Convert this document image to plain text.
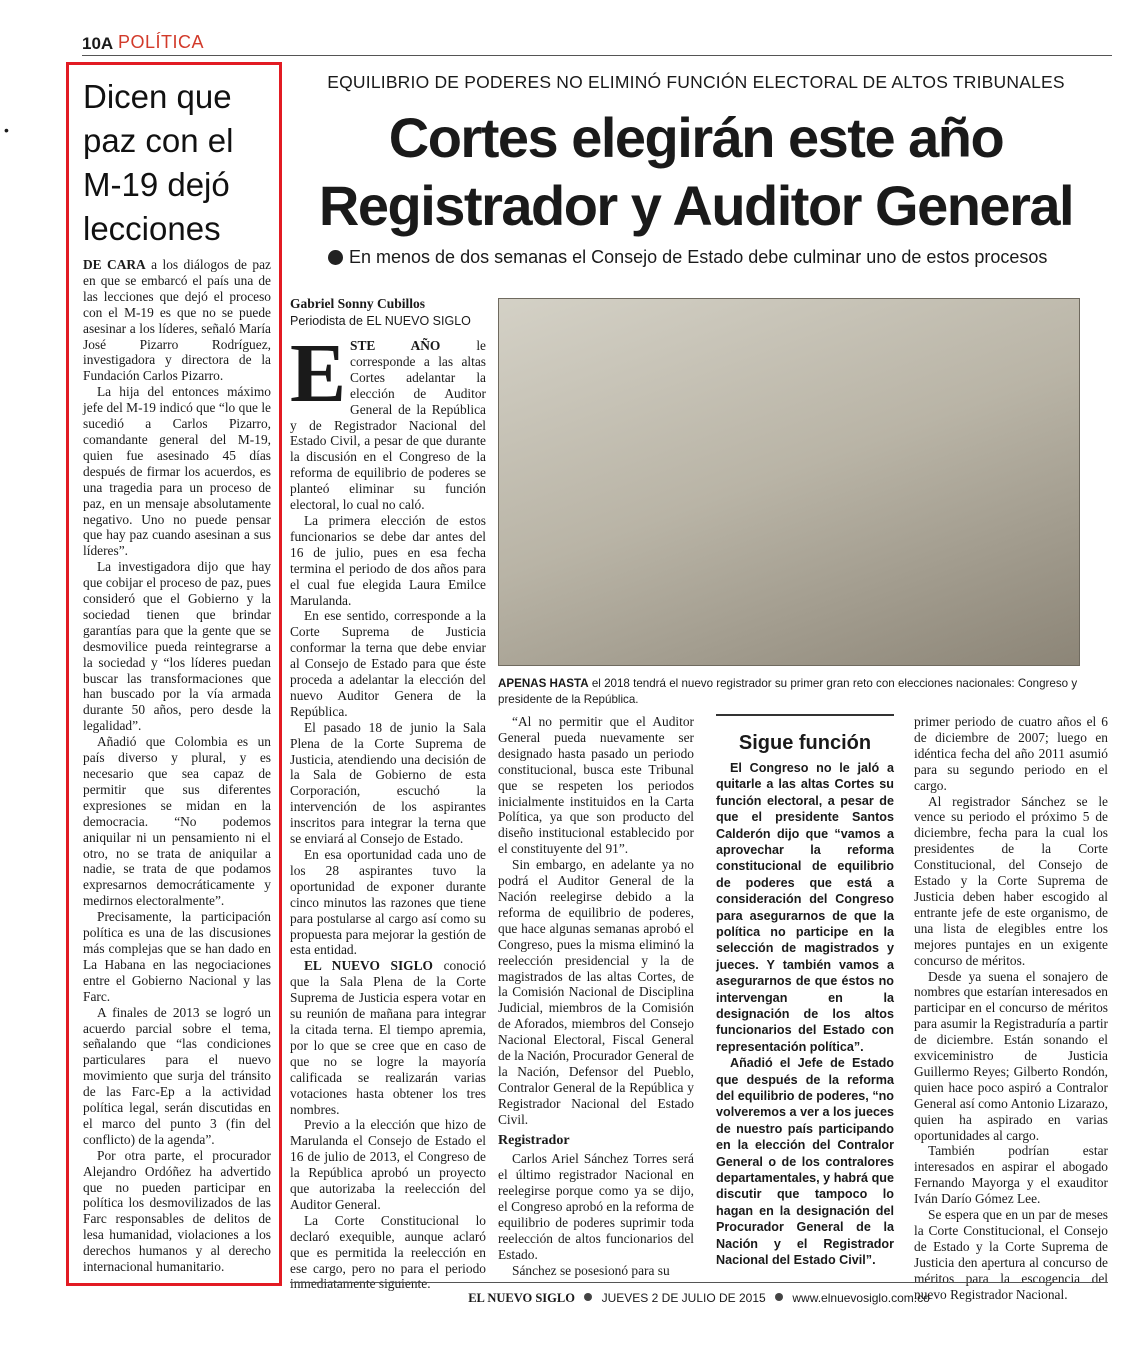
10A POLÍTICA
•
Dicen que paz con el M-19 dejó lecciones

DE CARA a los diálogos de paz en que se embarcó el país una de las lecciones que dejó el proceso con el M-19 es que no se puede asesinar a los líderes, señaló María José Pizarro Rodríguez, investigadora y directora de la Fundación Carlos Pizarro.

La hija del entonces máximo jefe del M-19 indicó que “lo que le sucedió a Carlos Pizarro, comandante general del M-19, quien fue asesinado 45 días después de firmar los acuerdos, es una tragedia para un proceso de paz, en un mensaje absolutamente negativo. Uno no puede pensar que hay paz cuando asesinan a sus líderes”.

La investigadora dijo que hay que cobijar el proceso de paz, pues consideró que el Gobierno y la sociedad tienen que brindar garantías para que la gente que se desmovilice pueda reintegrarse a la sociedad y “los líderes puedan buscar las transformaciones que han buscado por la vía armada durante 50 años, pero desde la legalidad”.

Añadió que Colombia es un país diverso y plural, y es necesario que sea capaz de permitir que sus diferentes expresiones se midan en la democracia. “No podemos aniquilar ni un pensamiento ni el otro, no se trata de aniquilar a nadie, se trata de que podamos expresarnos democráticamente y medirnos electoralmente”.

Precisamente, la participación política es una de las discusiones más complejas que se han dado en La Habana en las negociaciones entre el Gobierno Nacional y las Farc.

A finales de 2013 se logró un acuerdo parcial sobre el tema, señalando que “las condiciones particulares para el nuevo movimiento que surja del tránsito de las Farc-Ep a la actividad política legal, serán discutidas en el marco del punto 3 (fin del conflicto) de la agenda”.

Por otra parte, el procurador Alejandro Ordóñez ha advertido que no pueden participar en política los desmovilizados de las Farc responsables de delitos de lesa humanidad, violaciones a los derechos humanos y al derecho internacional humanitario.

EQUILIBRIO DE PODERES NO ELIMINÓ FUNCIÓN ELECTORAL DE ALTOS TRIBUNALES
Cortes elegirán este año
Registrador y Auditor General
En menos de dos semanas el Consejo de Estado debe culminar uno de estos procesos
Gabriel Sonny Cubillos
Periodista de EL NUEVO SIGLO
APENAS HASTA el 2018 tendrá el nuevo registrador su primer gran reto con elecciones nacionales: Congreso y presidente de la República.

ESTE AÑO le corresponde a las altas Cortes adelantar la elección de Auditor General de la República y de Registrador Nacional del Estado Civil, a pesar de que durante la discusión en el Congreso de la reforma de equilibrio de poderes se planteó eliminar su función electoral, lo cual no caló.

La primera elección de estos funcionarios se debe dar antes del 16 de julio, pues en esa fecha termina el periodo de dos años para el cual fue elegida Laura Emilce Marulanda.

En ese sentido, corresponde a la Corte Suprema de Justicia conformar la terna que debe enviar al Consejo de Estado para que éste proceda a adelantar la elección del nuevo Auditor Genera de la República.

El pasado 18 de junio la Sala Plena de la Corte Suprema de Justicia, atendiendo una decisión de la Sala de Gobierno de esta Corporación, escuchó la intervención de los aspirantes inscritos para integrar la terna que se enviará al Consejo de Estado.

En esa oportunidad cada uno de los 28 aspirantes tuvo la oportunidad de exponer durante cinco minutos las razones que tiene para postularse al cargo así como su propuesta para mejorar la gestión de esta entidad.

EL NUEVO SIGLO conoció que la Sala Plena de la Corte Suprema de Justicia espera votar en su reunión de mañana para integrar la citada terna. El tiempo apremia, por lo que se cree que en caso de que no se logre la mayoría calificada se realizarán varias votaciones hasta obtener los tres nombres.

Previo a la elección que hizo de Marulanda el Consejo de Estado el 16 de julio de 2013, el Congreso de la República aprobó un proyecto que autorizaba la reelección del Auditor General.

La Corte Constitucional lo declaró exequible, aunque aclaró que es permitida la reelección en ese cargo, pero no para el periodo inmediatamente siguiente.

“Al no permitir que el Auditor General pueda nuevamente ser designado hasta pasado un periodo constitucional, busca este Tribunal que se respeten los periodos inicialmente instituidos en la Carta Política, ya que son producto del diseño institucional establecido por el constituyente del 91”.

Sin embargo, en adelante ya no podrá el Auditor General de la Nación reelegirse debido a la reforma de equilibrio de poderes, que hace algunas semanas aprobó el Congreso, pues la misma eliminó la reelección presidencial y la de magistrados de las altas Cortes, de la Comisión Nacional de Disciplina Judicial, miembros de la Comisión de Aforados, miembros del Consejo Nacional Electoral, Fiscal General de la Nación, Procurador General de la Nación, Defensor del Pueblo, Contralor General de la República y Registrador Nacional del Estado Civil.

Registrador

Carlos Ariel Sánchez Torres será el último registrador Nacional en reelegirse porque como ya se dijo, el Congreso aprobó en la reforma de equilibrio de poderes suprimir toda reelección de altos funcionarios del Estado.

Sánchez se posesionó para su

Sigue función

El Congreso no le jaló a quitarle a las altas Cortes su función electoral, a pesar de que el presidente Santos Calderón dijo que “vamos a aprovechar la reforma constitucional de equilibrio de poderes que está a consideración del Congreso para asegurarnos de que la política no participe en la selección de magistrados y jueces. Y también vamos a asegurarnos de que éstos no intervengan en la designación de los altos funcionarios del Estado con representación política”.

Añadió el Jefe de Estado que después de la reforma del equilibrio de poderes, “no volveremos a ver a los jueces de nuestro país participando en la elección del Contralor General o de los contralores departamentales, y habrá que discutir que tampoco lo hagan en la designación del Procurador General de la Nación y el Registrador Nacional del Estado Civil”.

primer periodo de cuatro años el 6 de diciembre de 2007; luego en idéntica fecha del año 2011 asumió para su segundo periodo en el cargo.

Al registrador Sánchez se le vence su periodo el próximo 5 de diciembre, fecha para la cual los presidentes de la Corte Constitucional, del Consejo de Estado y la Corte Suprema de Justicia deben haber escogido al entrante jefe de este organismo, de una lista de elegibles entre los mejores puntajes en un exigente concurso de méritos.

Desde ya suena el sonajero de nombres que estarían interesados en participar en el concurso de méritos para asumir la Registraduría a partir de diciembre. Están sonando el exviceministro de Justicia Guillermo Reyes; Gilberto Rondón, quien hace poco aspiró a Contralor General así como Antonio Lizarazo, quien ha aspirado en varias oportunidades al cargo.

También podrían estar interesados en aspirar el abogado Fernando Mayorga y el exauditor Iván Darío Gómez Lee.

Se espera que en un par de meses la Corte Constitucional, el Consejo de Estado y la Corte Suprema de Justicia den apertura al concurso de méritos para la escogencia del nuevo Registrador Nacional.

EL NUEVO SIGLO JUEVES 2 DE JULIO DE 2015 www.elnuevosiglo.com.co
